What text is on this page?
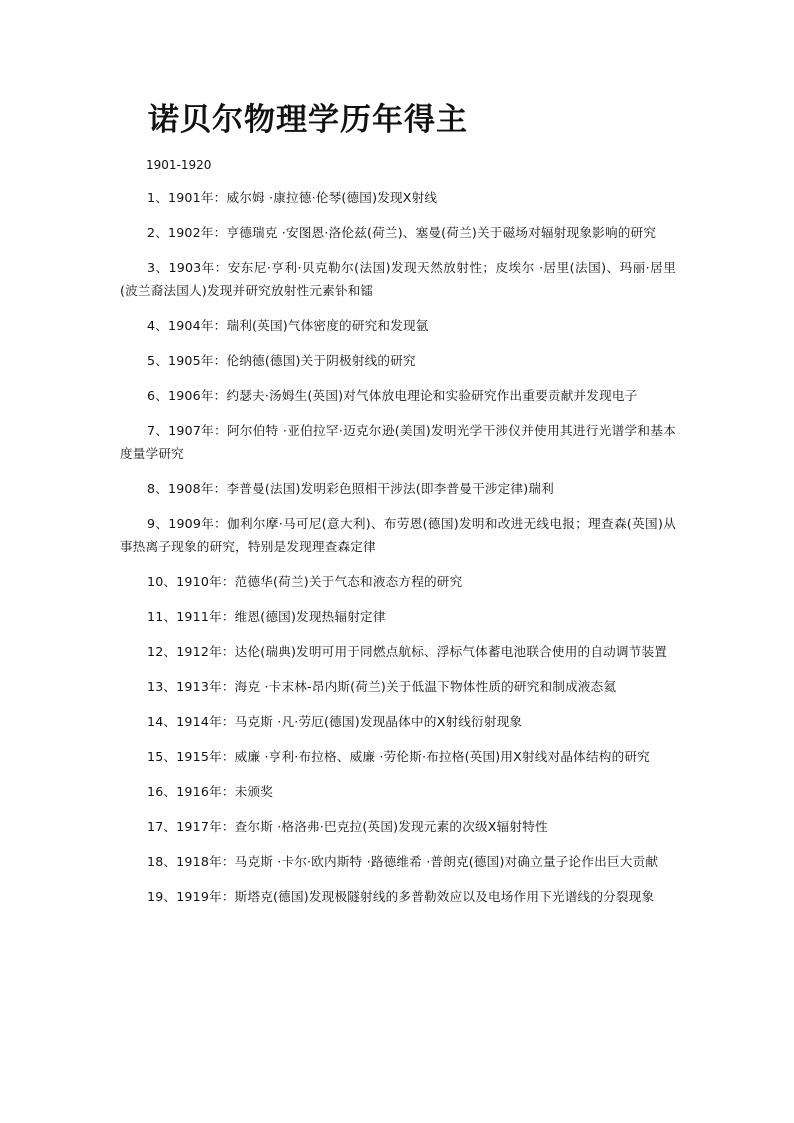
诺贝尔物理学历年得主
1901-1920

1、1901年：威尔姆 ·康拉德·伦琴(德国)发现X射线

2、1902年：亨德瑞克 ·安图恩·洛伦兹(荷兰)、塞曼(荷兰)关于磁场对辐射现象影响的研究

3、1903年：安东尼·亨利·贝克勒尔(法国)发现天然放射性；皮埃尔 ·居里(法国)、玛丽·居里(波兰裔法国人)发现并研究放射性元素钋和镭

4、1904年：瑞利(英国)气体密度的研究和发现氩

5、1905年：伦纳德(德国)关于阴极射线的研究

6、1906年：约瑟夫·汤姆生(英国)对气体放电理论和实验研究作出重要贡献并发现电子

7、1907年：阿尔伯特 ·亚伯拉罕·迈克尔逊(美国)发明光学干涉仪并使用其进行光谱学和基本度量学研究

8、1908年：李普曼(法国)发明彩色照相干涉法(即李普曼干涉定律)瑞利

9、1909年：伽利尔摩·马可尼(意大利)、布劳恩(德国)发明和改进无线电报；理查森(英国)从事热离子现象的研究，特别是发现理查森定律

10、1910年：范德华(荷兰)关于气态和液态方程的研究

11、1911年：维恩(德国)发现热辐射定律

12、1912年：达伦(瑞典)发明可用于同燃点航标、浮标气体蓄电池联合使用的自动调节装置

13、1913年：海克 ·卡末林-昂内斯(荷兰)关于低温下物体性质的研究和制成液态氦

14、1914年：马克斯 ·凡·劳厄(德国)发现晶体中的X射线衍射现象

15、1915年：威廉 ·亨利·布拉格、威廉 ·劳伦斯·布拉格(英国)用X射线对晶体结构的研究

16、1916年：未颁奖

17、1917年：查尔斯 ·格洛弗·巴克拉(英国)发现元素的次级X辐射特性

18、1918年：马克斯 ·卡尔·欧内斯特 ·路德维希 ·普朗克(德国)对确立量子论作出巨大贡献

19、1919年：斯塔克(德国)发现极隧射线的多普勒效应以及电场作用下光谱线的分裂现象
